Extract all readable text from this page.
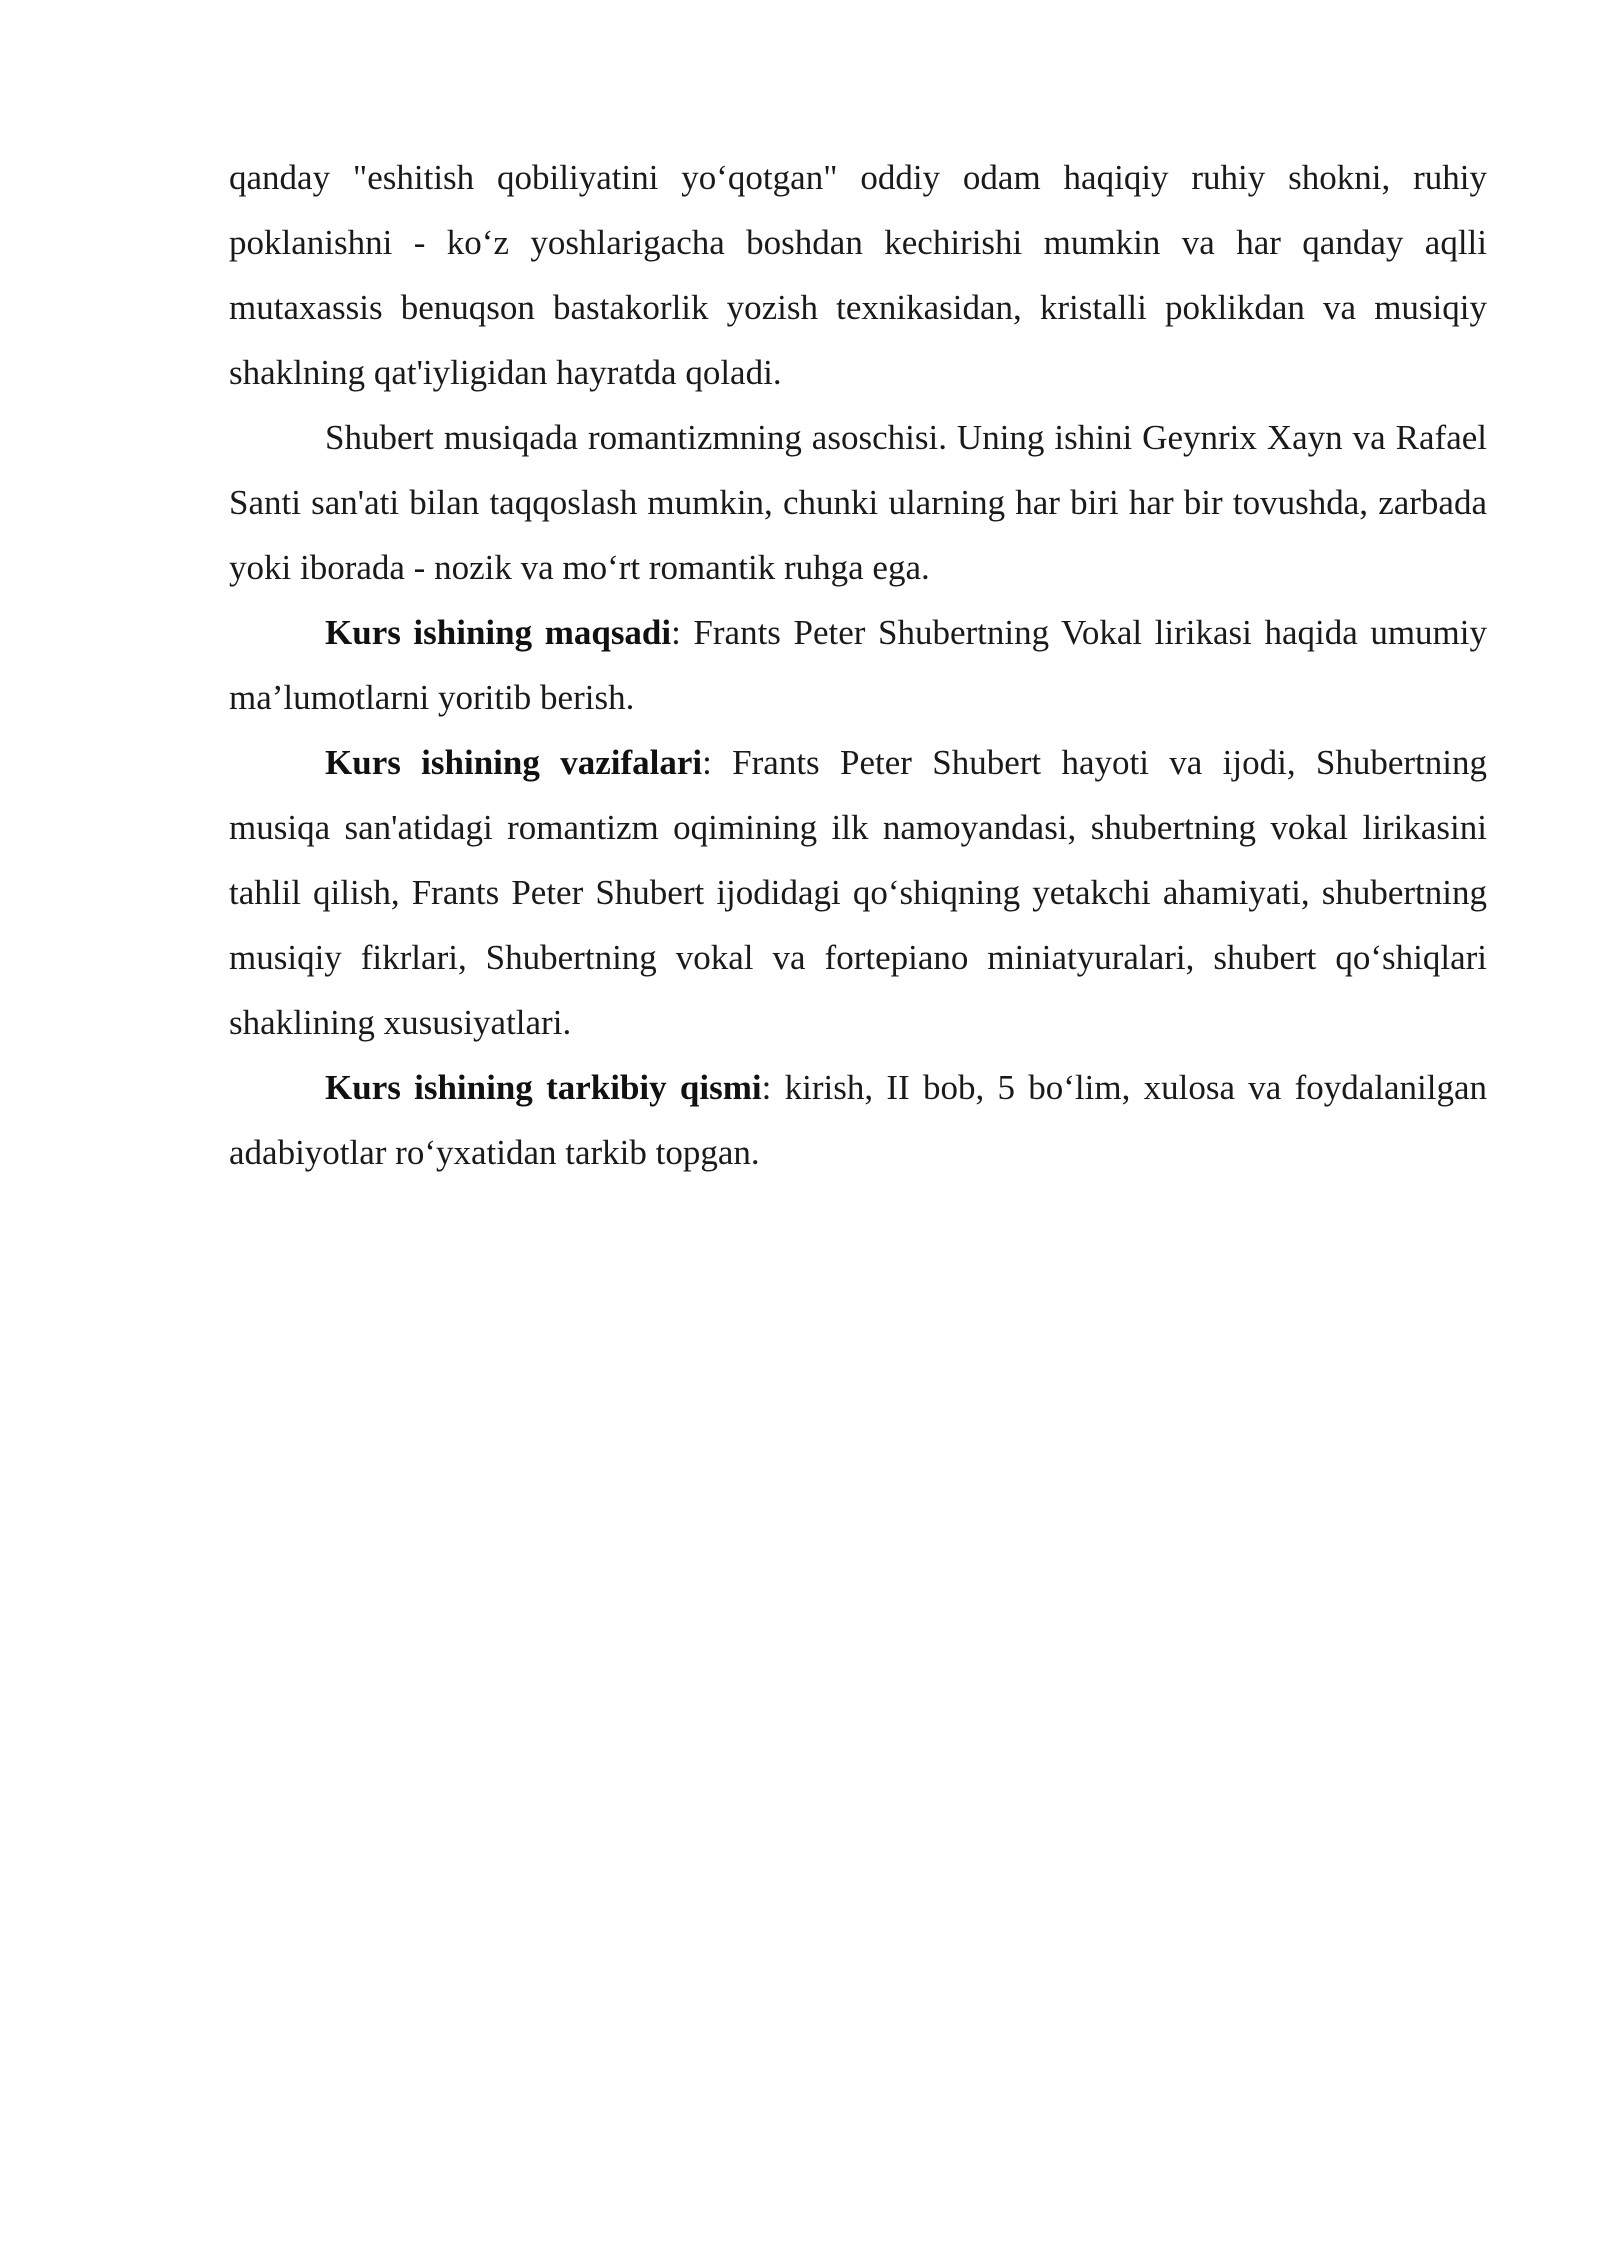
qanday "eshitish qobiliyatini yo‘qotgan" oddiy odam haqiqiy ruhiy shokni, ruhiy poklanishni - ko‘z yoshlarigacha boshdan kechirishi mumkin va har qanday aqlli mutaxassis benuqson bastakorlik yozish texnikasidan, kristalli poklikdan va musiqiy shaklning qat'iyligidan hayratda qoladi.

Shubert musiqada romantizmning asoschisi. Uning ishini Geynrix Xayn va Rafael Santi san'ati bilan taqqoslash mumkin, chunki ularning har biri har bir tovushda, zarbada yoki iborada - nozik va mo‘rt romantik ruhga ega.

Kurs ishining maqsadi: Frants Peter Shubertning Vokal lirikasi haqida umumiy ma’lumotlarni yoritib berish.

Kurs ishining vazifalari: Frants Peter Shubert hayoti va ijodi, Shubertning musiqa san'atidagi romantizm oqimining ilk namoyandasi, shubertning vokal lirikasini tahlil qilish, Frants Peter Shubert ijodidagi qo‘shiqning yetakchi ahamiyati, shubertning musiqiy fikrlari, Shubertning vokal va fortepiano miniatyuralari, shubert qo‘shiqlari shaklining xususiyatlari.

Kurs ishining tarkibiy qismi: kirish, II bob, 5 bo‘lim, xulosa va foydalanilgan adabiyotlar ro‘yxatidan tarkib topgan.
